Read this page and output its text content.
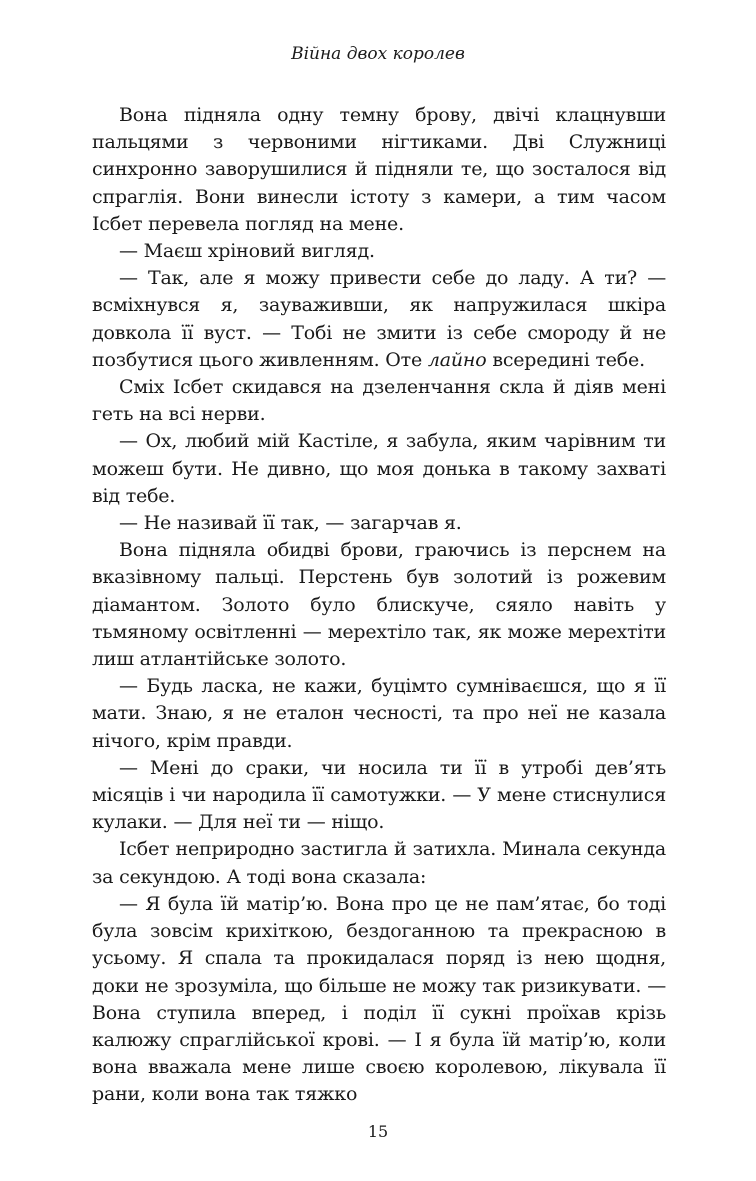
Війна двох королев

Вона підняла одну темну брову, двічі клацнувши пальцями з червоними нігтиками. Дві Служниці синхронно заворушилися й підняли те, що зосталося від спраглія. Вони винесли істоту з камери, а тим часом Ісбет перевела погляд на мене.

— Маєш хріновий вигляд.

— Так, але я можу привести себе до ладу. А ти? — всміхнувся я, зауваживши, як напружилася шкіра довкола її вуст. — Тобі не змити із себе смороду й не позбутися цього живленням. Оте лайно всередині тебе.

Сміх Ісбет скидався на дзеленчання скла й діяв мені геть на всі нерви.

— Ох, любий мій Кастіле, я забула, яким чарівним ти можеш бути. Не дивно, що моя донька в такому захваті від тебе.

— Не називай її так, — загарчав я.

Вона підняла обидві брови, граючись із перснем на вказівному пальці. Перстень був золотий із рожевим діамантом. Золото було блискуче, сяяло навіть у тьмяному освітленні — мерехтіло так, як може мерехтіти лиш атлантійське золото.

— Будь ласка, не кажи, буцімто сумніваєшся, що я її мати. Знаю, я не еталон чесності, та про неї не казала нічого, крім правди.

— Мені до сраки, чи носила ти її в утробі дев’ять місяців і чи народила її самотужки. — У мене стиснулися кулаки. — Для неї ти — ніщо.

Ісбет неприродно застигла й затихла. Минала секунда за секундою. А тоді вона сказала:

— Я була їй матір’ю. Вона про це не пам’ятає, бо тоді була зовсім крихіткою, бездоганною та прекрасною в усьому. Я спала та прокидалася поряд із нею щодня, доки не зрозуміла, що більше не можу так ризикувати. — Вона ступила вперед, і поділ її сукні проїхав крізь калюжу спраглійської крові. — І я була їй матір’ю, коли вона вважала мене лише своєю королевою, лікувала її рани, коли вона так тяжко

15
